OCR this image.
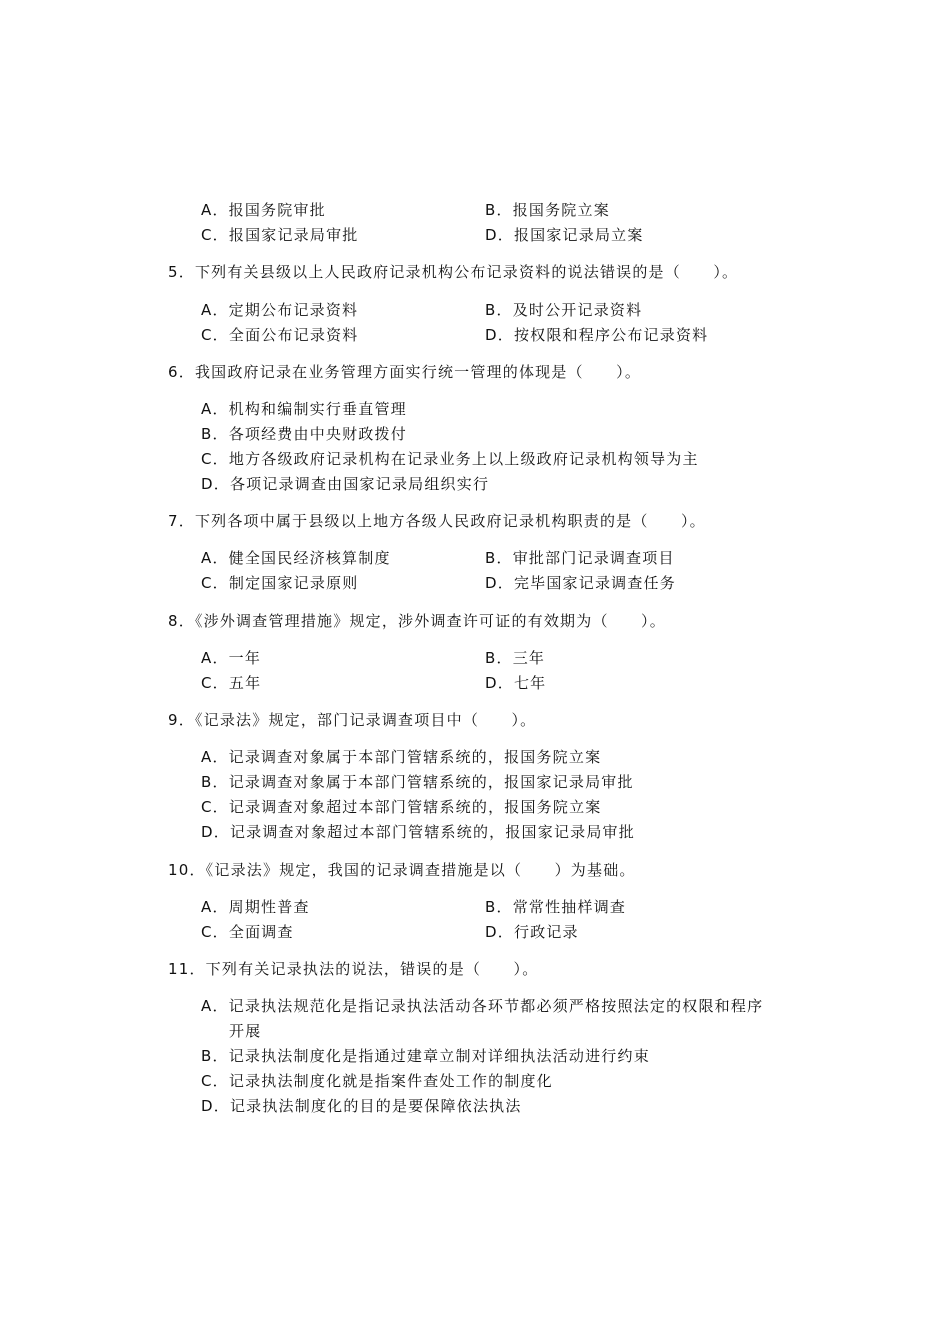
A．报国务院审批	B．报国务院立案
C．报国家记录局审批	D．报国家记录局立案
5．下列有关县级以上人民政府记录机构公布记录资料的说法错误的是（　　）。
A．定期公布记录资料	B．及时公开记录资料
C．全面公布记录资料	D．按权限和程序公布记录资料
6．我国政府记录在业务管理方面实行统一管理的体现是（　　）。
A．机构和编制实行垂直管理
B．各项经费由中央财政拨付
C．地方各级政府记录机构在记录业务上以上级政府记录机构领导为主
D．各项记录调查由国家记录局组织实行
7．下列各项中属于县级以上地方各级人民政府记录机构职责的是（　　）。
A．健全国民经济核算制度	B．审批部门记录调查项目
C．制定国家记录原则	D．完毕国家记录调查任务
8．《涉外调查管理措施》规定，涉外调查许可证的有效期为（　　）。
A．一年	B．三年
C．五年	D．七年
9．《记录法》规定，部门记录调查项目中（　　）。
A．记录调查对象属于本部门管辖系统的，报国务院立案
B．记录调查对象属于本部门管辖系统的，报国家记录局审批
C．记录调查对象超过本部门管辖系统的，报国务院立案
D．记录调查对象超过本部门管辖系统的，报国家记录局审批
10．《记录法》规定，我国的记录调查措施是以（　　）为基础。
A．周期性普查	B．常常性抽样调查
C．全面调查	D．行政记录
11．下列有关记录执法的说法，错误的是（　　）。
A．记录执法规范化是指记录执法活动各环节都必须严格按照法定的权限和程序
开展
B．记录执法制度化是指通过建章立制对详细执法活动进行约束
C．记录执法制度化就是指案件查处工作的制度化
D．记录执法制度化的目的是要保障依法执法
